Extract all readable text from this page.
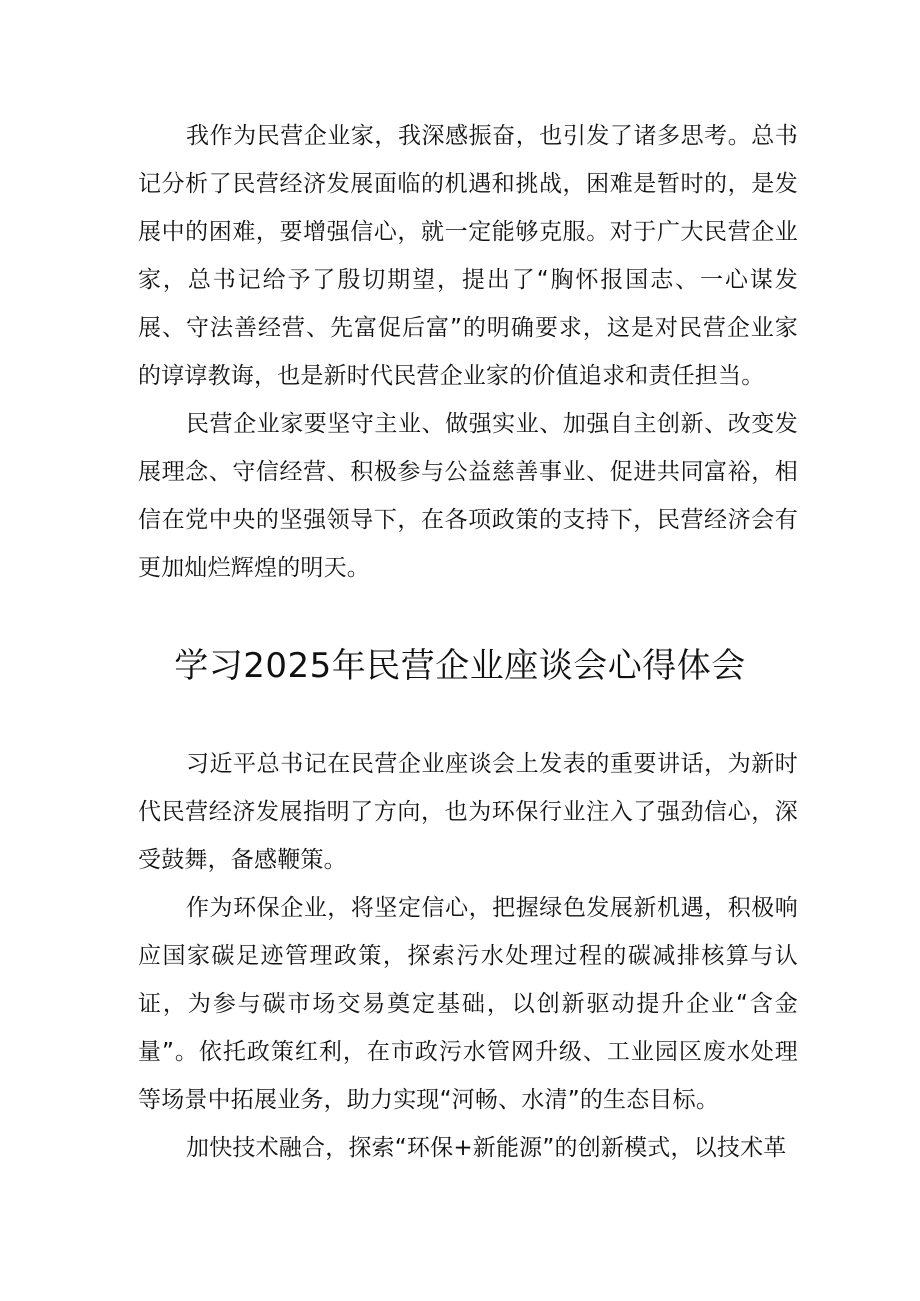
我作为民营企业家，我深感振奋，也引发了诸多思考。总书记分析了民营经济发展面临的机遇和挑战，困难是暂时的，是发展中的困难，要增强信心，就一定能够克服。对于广大民营企业家，总书记给予了殷切期望，提出了“胸怀报国志、一心谋发展、守法善经营、先富促后富”的明确要求，这是对民营企业家的谆谆教诲，也是新时代民营企业家的价值追求和责任担当。

民营企业家要坚守主业、做强实业、加强自主创新、改变发展理念、守信经营、积极参与公益慈善事业、促进共同富裕，相信在党中央的坚强领导下，在各项政策的支持下，民营经济会有更加灿烂辉煌的明天。

学习2025年民营企业座谈会心得体会

习近平总书记在民营企业座谈会上发表的重要讲话，为新时代民营经济发展指明了方向，也为环保行业注入了强劲信心，深受鼓舞，备感鞭策。

作为环保企业，将坚定信心，把握绿色发展新机遇，积极响应国家碳足迹管理政策，探索污水处理过程的碳减排核算与认证，为参与碳市场交易奠定基础，以创新驱动提升企业“含金量”。依托政策红利，在市政污水管网升级、工业园区废水处理等场景中拓展业务，助力实现“河畅、水清”的生态目标。

加快技术融合，探索“环保+新能源”的创新模式，以技术革
